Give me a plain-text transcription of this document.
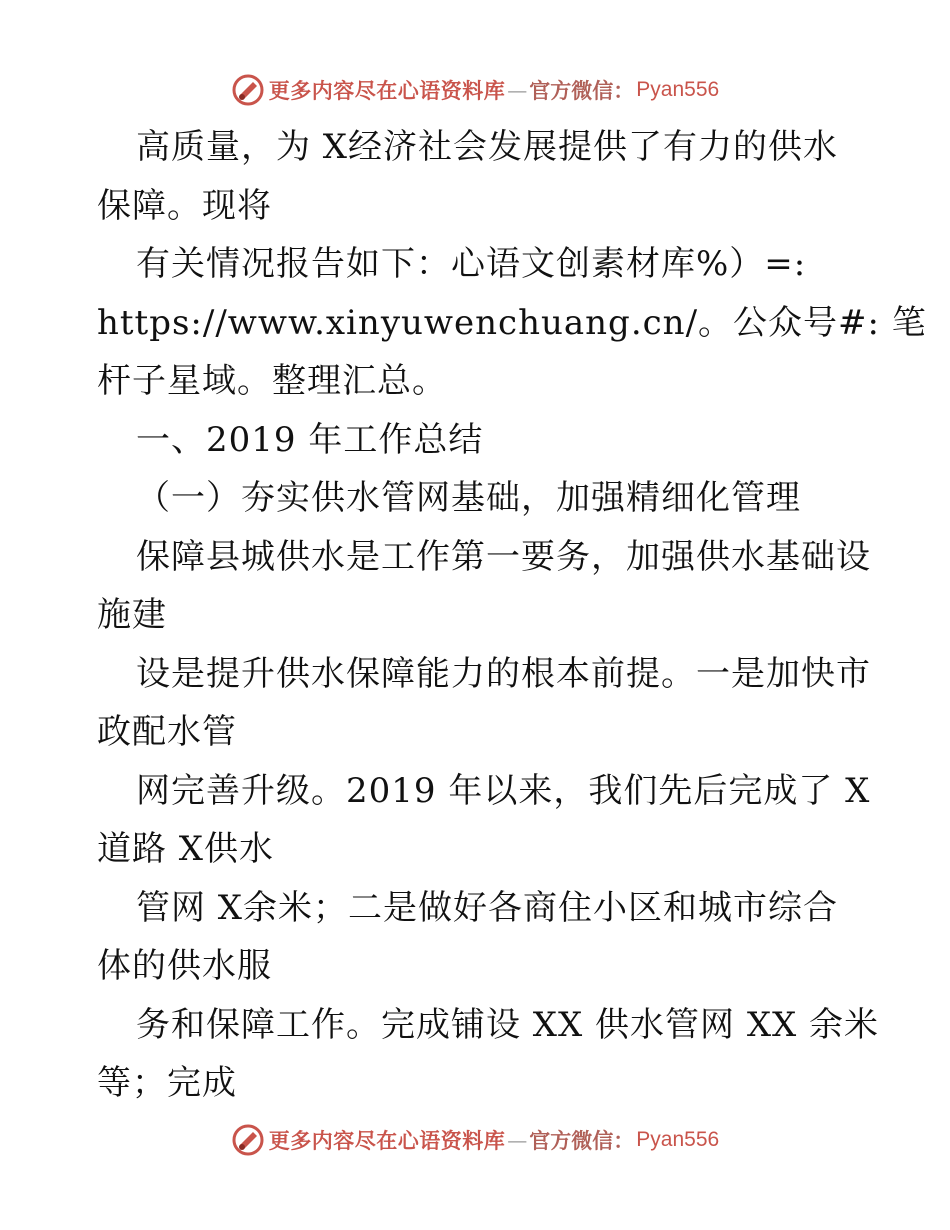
更多内容尽在心语资料库 — 官方微信： Pyan556
高质量，为 X经济社会发展提供了有力的供水
保障。现将
有关情况报告如下：心语文创素材库%）=:
https://www.xinyuwenchuang.cn/。公众号#: 笔
杆子星域。整理汇总。
一、2019 年工作总结
（一）夯实供水管网基础，加强精细化管理
保障县城供水是工作第一要务，加强供水基础设
施建
设是提升供水保障能力的根本前提。一是加快市
政配水管
网完善升级。2019 年以来，我们先后完成了 X
道路 X供水
管网 X余米；二是做好各商住小区和城市综合
体的供水服
务和保障工作。完成铺设 XX 供水管网 XX 余米
等；完成
更多内容尽在心语资料库 — 官方微信： Pyan556
